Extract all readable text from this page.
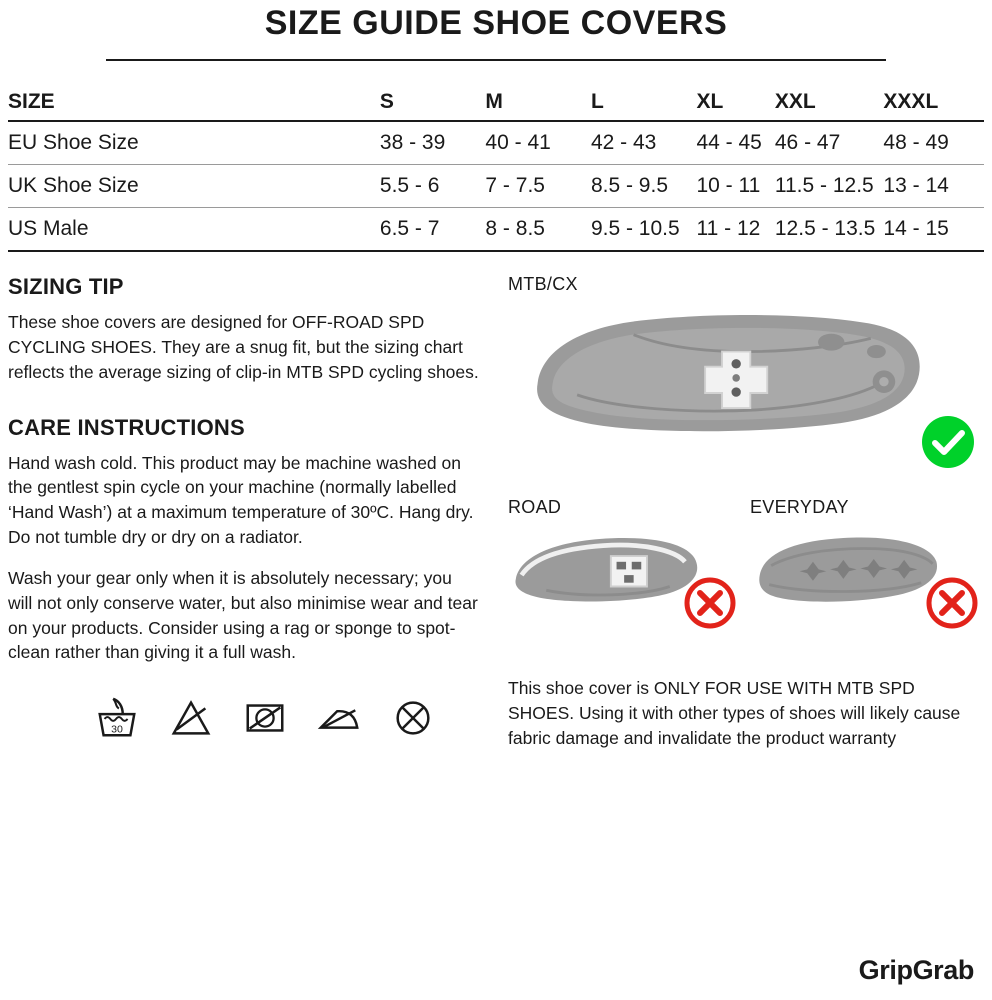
SIZE GUIDE SHOE COVERS
SIZE	S	M	L	XL	XXL	XXXL
EU Shoe Size	38 - 39	40 - 41	42 - 43	44 - 45	46 - 47	48 - 49
UK Shoe Size	5.5 - 6	7 - 7.5	8.5 - 9.5	10 - 11	11.5 - 12.5	13 - 14
US Male	6.5 - 7	8 - 8.5	9.5 - 10.5	11 - 12	12.5 - 13.5	14 - 15
SIZING TIP

These shoe covers are designed for OFF-ROAD SPD CYCLING SHOES. They are a snug fit, but the sizing chart reflects the average sizing of clip-in MTB SPD cycling shoes.

CARE INSTRUCTIONS

Hand wash cold. This product may be machine washed on the gentlest spin cycle on your machine (normally labelled ‘Hand Wash’) at a maximum temperature of 30ºC. Hang dry. Do not tumble dry or dry on a radiator.

Wash your gear only when it is absolutely necessary; you will not only conserve water, but also minimise wear and tear on your products. Consider using a rag or sponge to spot-clean rather than giving it a full wash.

30

MTB/CX

ROAD	EVERYDAY

This shoe cover is ONLY FOR USE WITH MTB SPD SHOES. Using it with other types of shoes will likely cause fabric damage and invalidate the product warranty

GripGrab
